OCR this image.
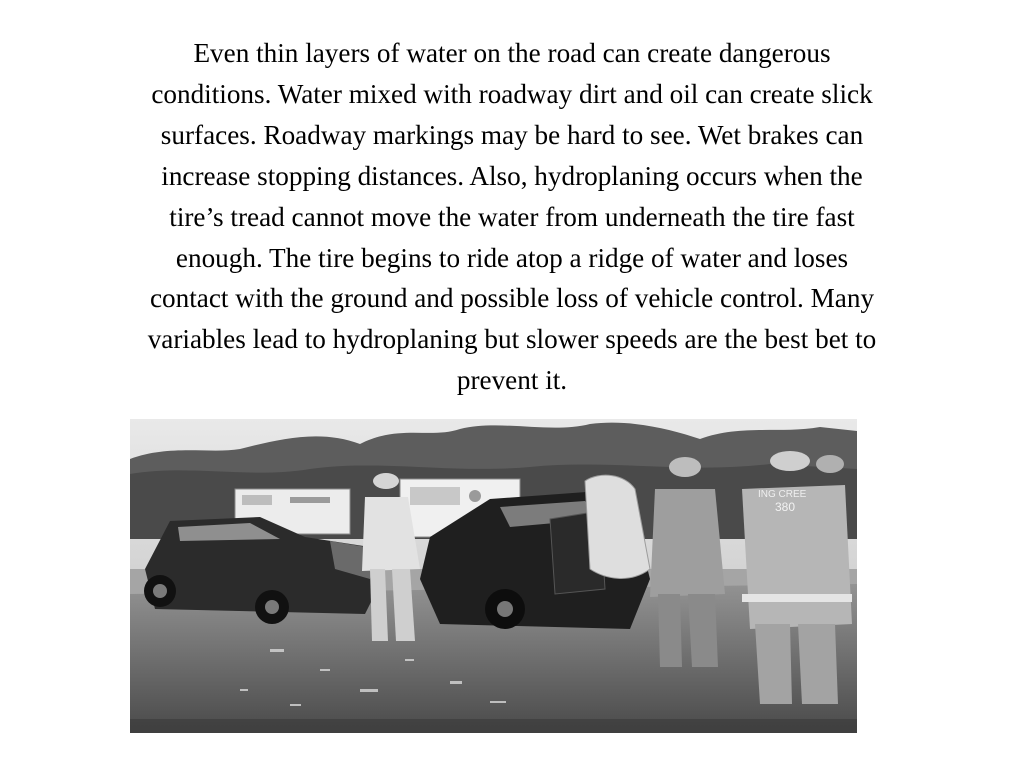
Even thin layers of water on the road can create dangerous
conditions. Water mixed with roadway dirt and oil can create slick
surfaces. Roadway markings may be hard to see. Wet brakes can
increase stopping distances. Also, hydroplaning occurs when the
tire’s tread cannot move the water from underneath the tire fast
enough. The tire begins to ride atop a ridge of water and loses
contact with the ground and possible loss of vehicle control. Many
variables lead to hydroplaning but slower speeds are the best bet to
prevent it.
380
ING CREE
